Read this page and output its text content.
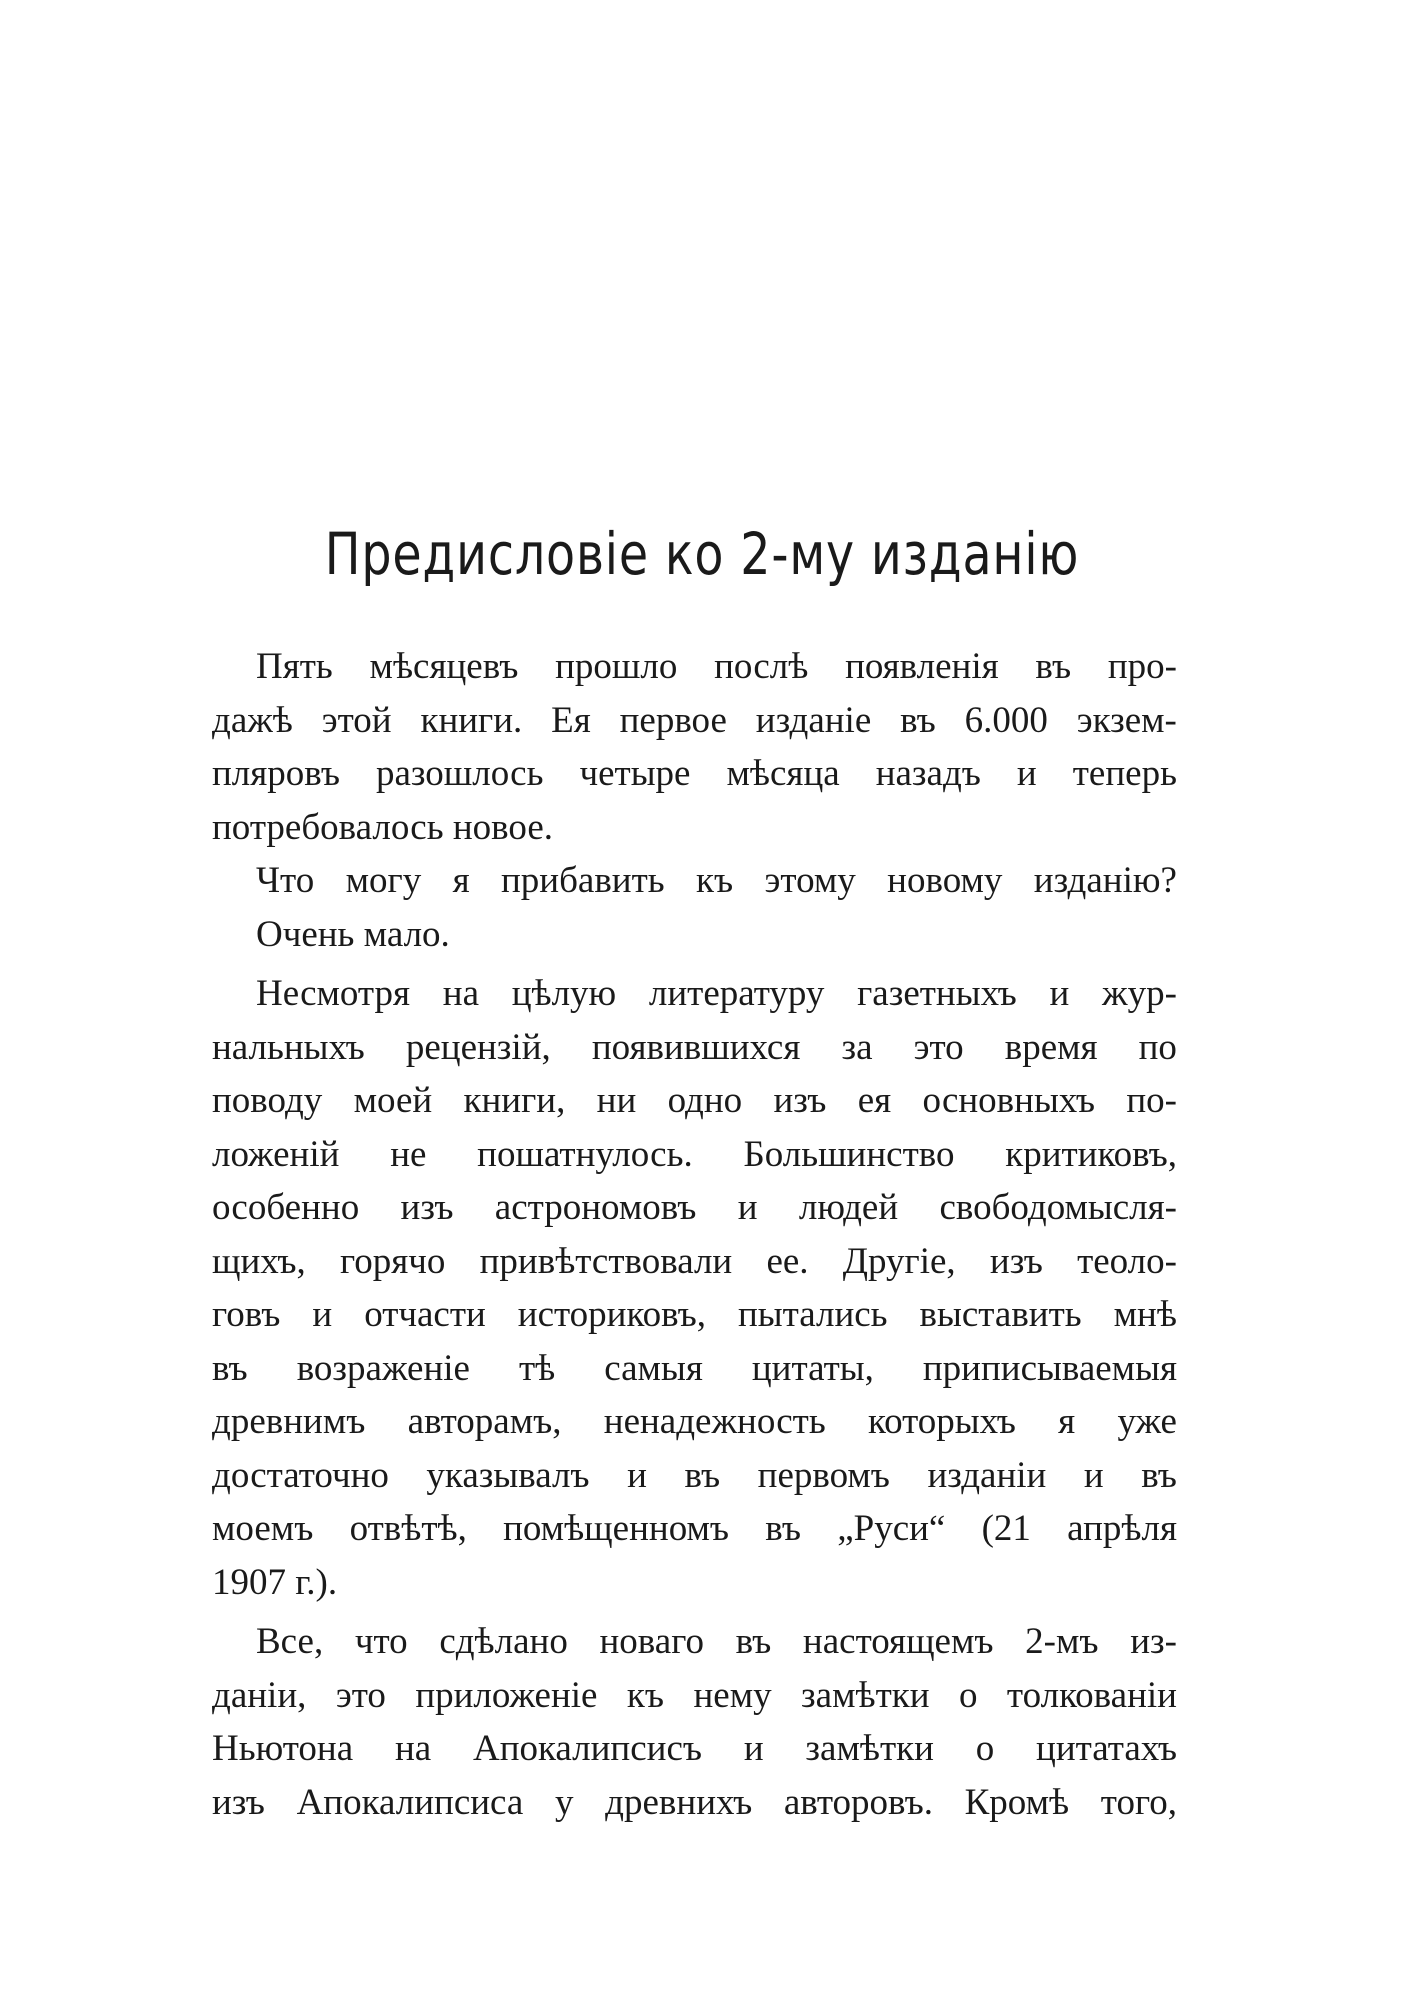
Предисловіе ко 2-му изданію
Пять мѣсяцевъ прошло послѣ появленія въ про-
дажѣ этой книги. Ея первое изданіе въ 6.000 экзем-
пляровъ разошлось четыре мѣсяца назадъ и теперь
потребовалось новое.
Что могу я прибавить къ этому новому изданію?
Очень мало.
Несмотря на цѣлую литературу газетныхъ и жур-
нальныхъ рецензій, появившихся за это время по
поводу моей книги, ни одно изъ ея основныхъ по-
ложеній не пошатнулось. Большинство критиковъ,
особенно изъ астрономовъ и людей свободомысля-
щихъ, горячо привѣтствовали ее. Другіе, изъ теоло-
говъ и отчасти историковъ, пытались выставить мнѣ
въ возраженіе тѣ самыя цитаты, приписываемыя
древнимъ авторамъ, ненадежность которыхъ я уже
достаточно указывалъ и въ первомъ изданіи и въ
моемъ отвѣтѣ, помѣщенномъ въ „Руси“ (21 апрѣля
1907 г.).
Все, что сдѣлано новаго въ настоящемъ 2-мъ из-
даніи, это приложеніе къ нему замѣтки о толкованіи
Ньютона на Апокалипсисъ и замѣтки о цитатахъ
изъ Апокалипсиса у древнихъ авторовъ. Кромѣ того,
